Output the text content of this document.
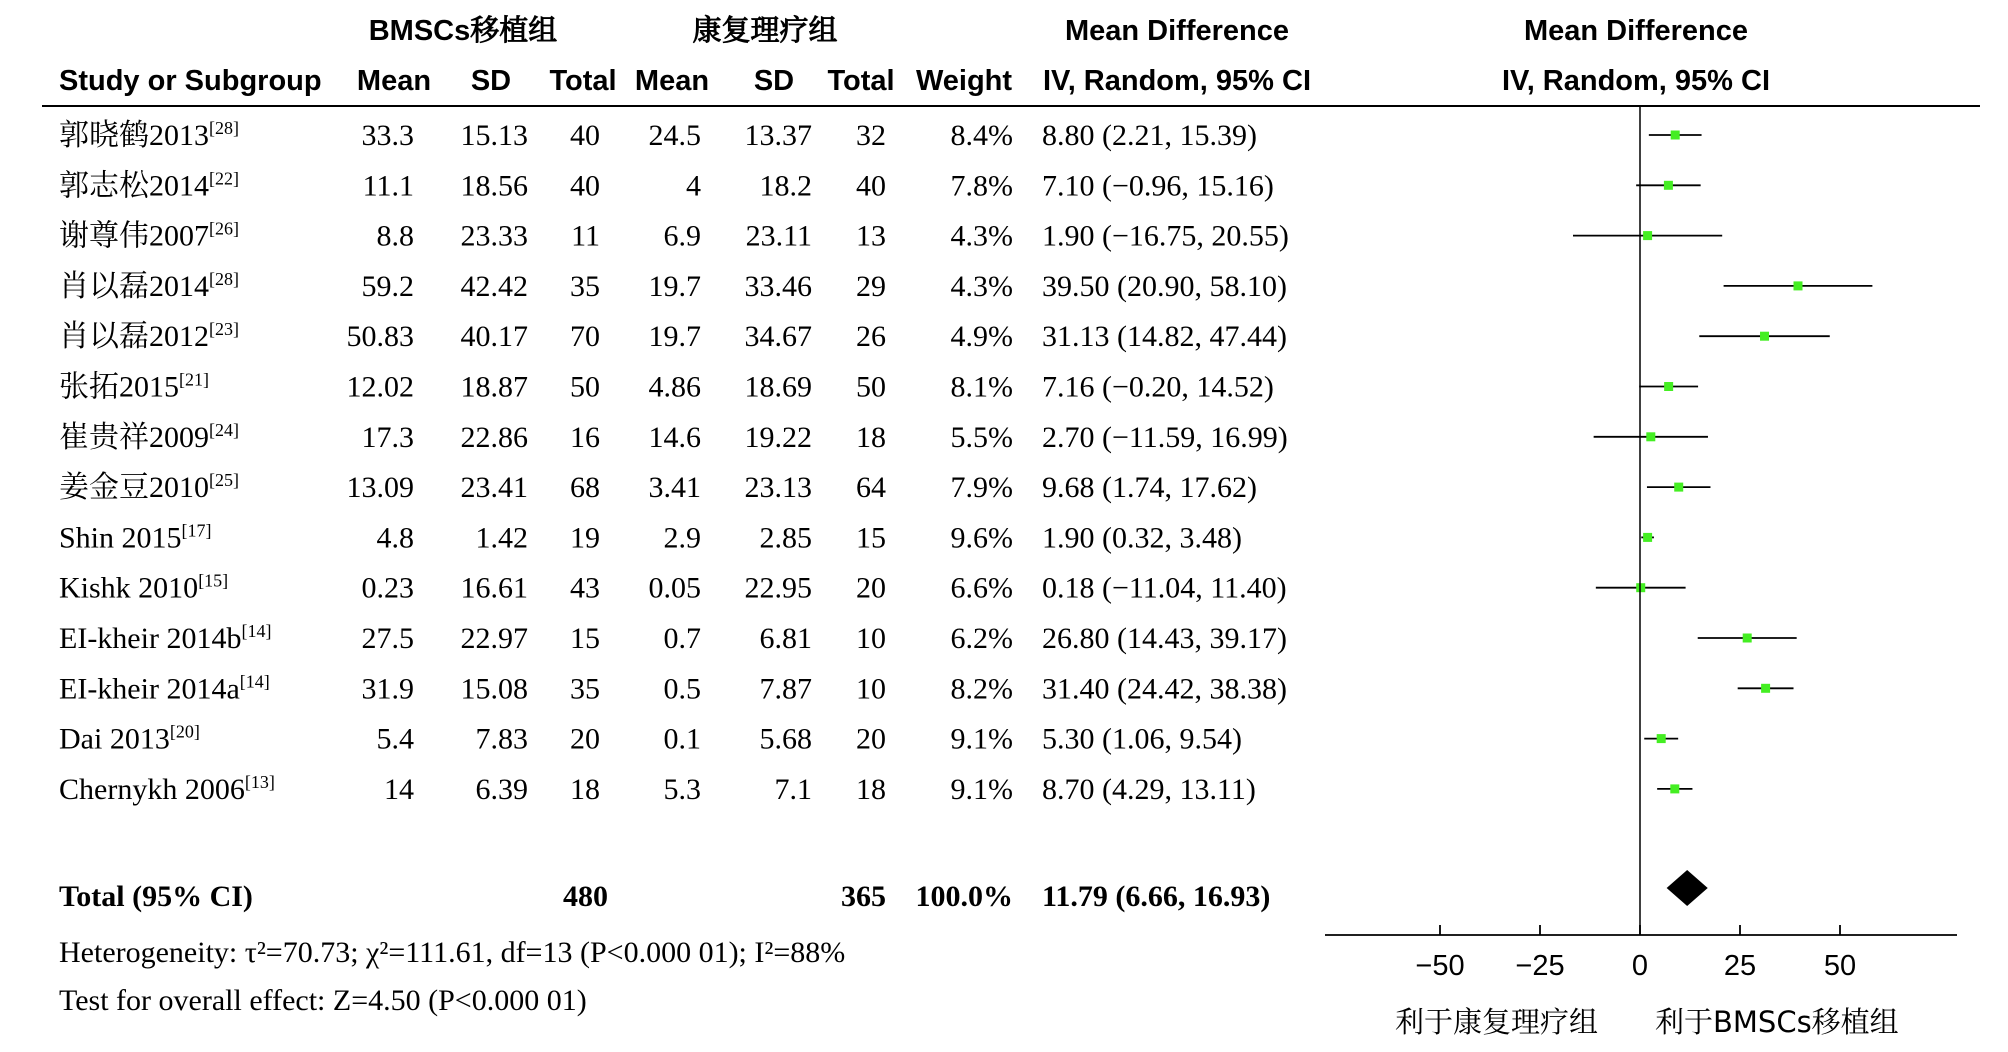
BMSCs移植组	康复理疗组	Mean Difference	Mean Difference
Study or Subgroup Mean SD Total Mean SD Total Weight IV, Random, 95% CI	IV, Random, 95% CI
郭晓鹤2013[28]	33.3 15.13 40 24.5 13.37 32 8.4% 8.80 (2.21, 15.39)
郭志松2014[22]	11.1 18.56 40	4 18.2 40 7.8% 7.10 (−0.96, 15.16)
谢尊伟2007[26]	8.8 23.33 11 6.9 23.11 13 4.3% 1.90 (−16.75, 20.55)
肖以磊2014[28]	59.2 42.42 35 19.7 33.46 29 4.3% 39.50 (20.90, 58.10)
肖以磊2012[23]	50.83 40.17 70 19.7 34.67 26 4.9% 31.13 (14.82, 47.44)
张拓2015[21]	12.02 18.87 50 4.86 18.69 50 8.1% 7.16 (−0.20, 14.52)
崔贵祥2009[24]	17.3 22.86 16 14.6 19.22 18 5.5% 2.70 (−11.59, 16.99)
姜金豆2010[25]	13.09 23.41 68 3.41 23.13 64 7.9% 9.68 (1.74, 17.62)
Shin 2015[17]	4.8 1.42 19 2.9 2.85 15 9.6% 1.90 (0.32, 3.48)
Kishk 2010[15]	0.23 16.61 43 0.05 22.95 20 6.6% 0.18 (−11.04, 11.40)
EI-kheir 2014b[14]	27.5 22.97 15 0.7 6.81 10 6.2% 26.80 (14.43, 39.17)
EI-kheir 2014a[14]	31.9 15.08 35 0.5 7.87 10 8.2% 31.40 (24.42, 38.38)
Dai 2013[20]	5.4 7.83 20 0.1 5.68 20 9.1% 5.30 (1.06, 9.54)
Chernykh 2006[13]	14 6.39 18 5.3 7.1 18 9.1% 8.70 (4.29, 13.11)
−50 −25 0	25 50
Total (95% CI)	480	365 100.0% 11.79 (6.66, 16.93)
Heterogeneity: τ²=70.73; χ²=111.61, df=13 (P<0.000 01); I²=88%
Test for overall effect: Z=4.50 (P<0.000 01)
利于康复理疗组 利于BMSCs移植组
